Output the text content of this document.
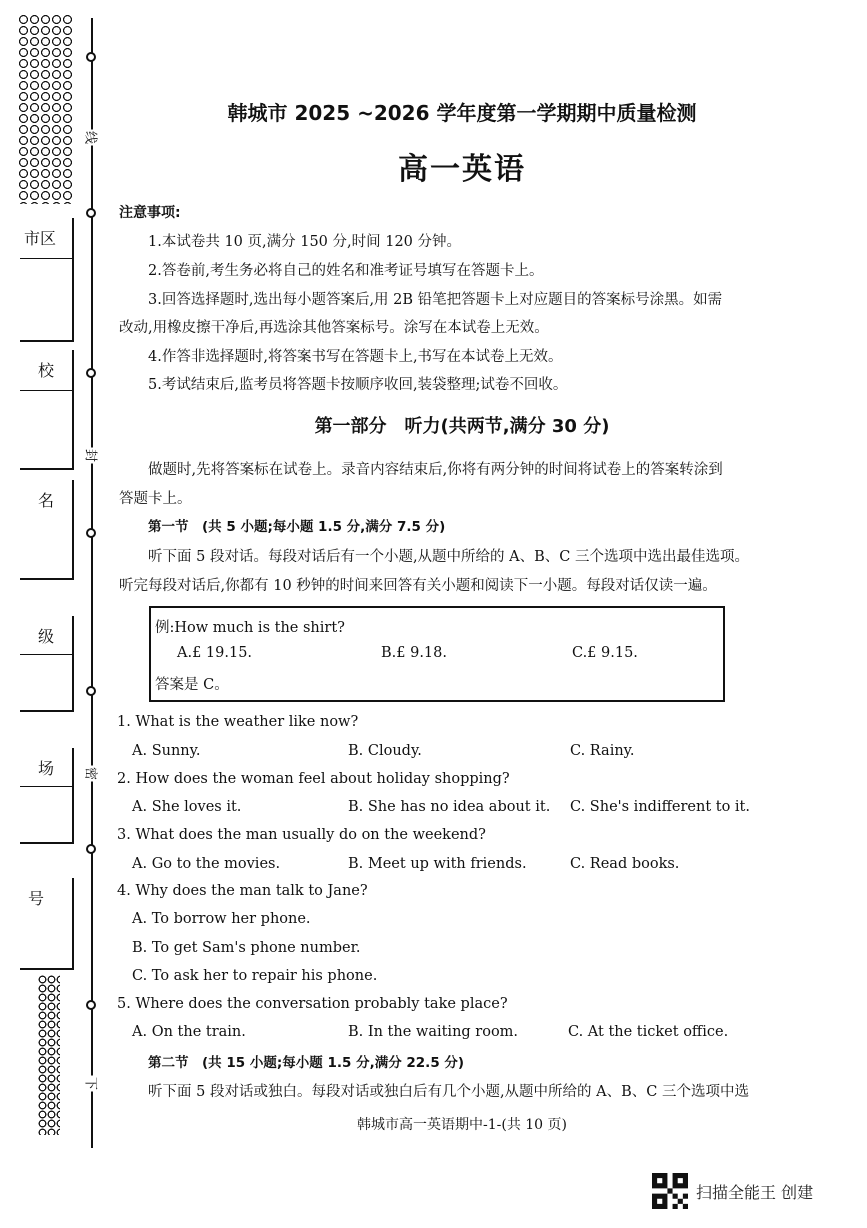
线
封
密
下
市区
校
名
级
场
号
韩城市 2025 ~2026 学年度第一学期期中质量检测
高一英语
注意事项:
1.本试卷共 10 页,满分 150 分,时间 120 分钟。
2.答卷前,考生务必将自己的姓名和准考证号填写在答题卡上。
3.回答选择题时,选出每小题答案后,用 2B 铅笔把答题卡上对应题目的答案标号涂黑。如需
改动,用橡皮擦干净后,再选涂其他答案标号。涂写在本试卷上无效。
4.作答非选择题时,将答案书写在答题卡上,书写在本试卷上无效。
5.考试结束后,监考员将答题卡按顺序收回,装袋整理;试卷不回收。
第一部分　听力(共两节,满分 30 分)
做题时,先将答案标在试卷上。录音内容结束后,你将有两分钟的时间将试卷上的答案转涂到
答题卡上。
第一节　(共 5 小题;每小题 1.5 分,满分 7.5 分)
听下面 5 段对话。每段对话后有一个小题,从题中所给的 A、B、C 三个选项中选出最佳选项。
听完每段对话后,你都有 10 秒钟的时间来回答有关小题和阅读下一小题。每段对话仅读一遍。
例:How much is the shirt?
A.£ 19.15.	B.£ 9.18.	C.£ 9.15.
答案是 C。
1. What is the weather like now?
A. Sunny.	B. Cloudy.	C. Rainy.
2. How does the woman feel about holiday shopping?
A. She loves it.	B. She has no idea about it. C. She's indifferent to it.
3. What does the man usually do on the weekend?
A. Go to the movies.	B. Meet up with friends.	C. Read books.
4. Why does the man talk to Jane?
A. To borrow her phone.
B. To get Sam's phone number.
C. To ask her to repair his phone.
5. Where does the conversation probably take place?
A. On the train.	B. In the waiting room.	C. At the ticket office.
第二节　(共 15 小题;每小题 1.5 分,满分 22.5 分)
听下面 5 段对话或独白。每段对话或独白后有几个小题,从题中所给的 A、B、C 三个选项中选
韩城市高一英语期中-1-(共 10 页)
扫描全能王 创建
